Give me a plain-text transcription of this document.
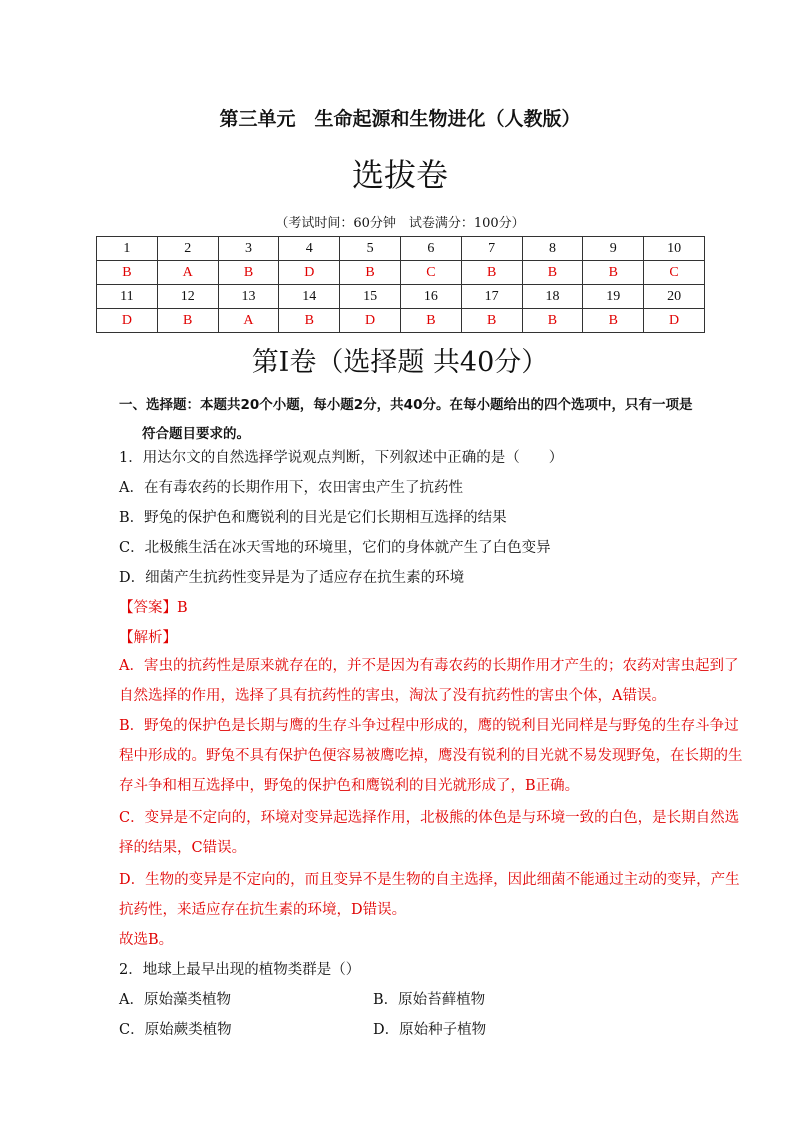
第三单元　生命起源和生物进化（人教版）
选拔卷
（考试时间：60分钟　试卷满分：100分）
1	2	3	4	5	6	7	8	9	10
B	A	B	D	B	C	B	B	B	C
11	12	13	14	15	16	17	18	19	20
D	B	A	B	D	B	B	B	B	D
第Ⅰ卷（选择题 共40分）
一、选择题：本题共20个小题，每小题2分，共40分。在每小题给出的四个选项中，只有一项是
符合题目要求的。
1．用达尔文的自然选择学说观点判断，下列叙述中正确的是（　　）
A．在有毒农药的长期作用下，农田害虫产生了抗药性
B．野兔的保护色和鹰锐利的目光是它们长期相互选择的结果
C．北极熊生活在冰天雪地的环境里，它们的身体就产生了白色变异
D．细菌产生抗药性变异是为了适应存在抗生素的环境
【答案】B
【解析】
A．害虫的抗药性是原来就存在的，并不是因为有毒农药的长期作用才产生的；农药对害虫起到了
自然选择的作用，选择了具有抗药性的害虫，淘汰了没有抗药性的害虫个体，A错误。
B．野兔的保护色是长期与鹰的生存斗争过程中形成的，鹰的锐利目光同样是与野兔的生存斗争过
程中形成的。野兔不具有保护色便容易被鹰吃掉，鹰没有锐利的目光就不易发现野兔，在长期的生
存斗争和相互选择中，野兔的保护色和鹰锐利的目光就形成了，B正确。
C．变异是不定向的，环境对变异起选择作用，北极熊的体色是与环境一致的白色，是长期自然选
择的结果，C错误。
D．生物的变异是不定向的，而且变异不是生物的自主选择，因此细菌不能通过主动的变异，产生
抗药性，来适应存在抗生素的环境，D错误。
故选B。
2．地球上最早出现的植物类群是（）
A．原始藻类植物	B．原始苔藓植物
C．原始蕨类植物	D．原始种子植物
